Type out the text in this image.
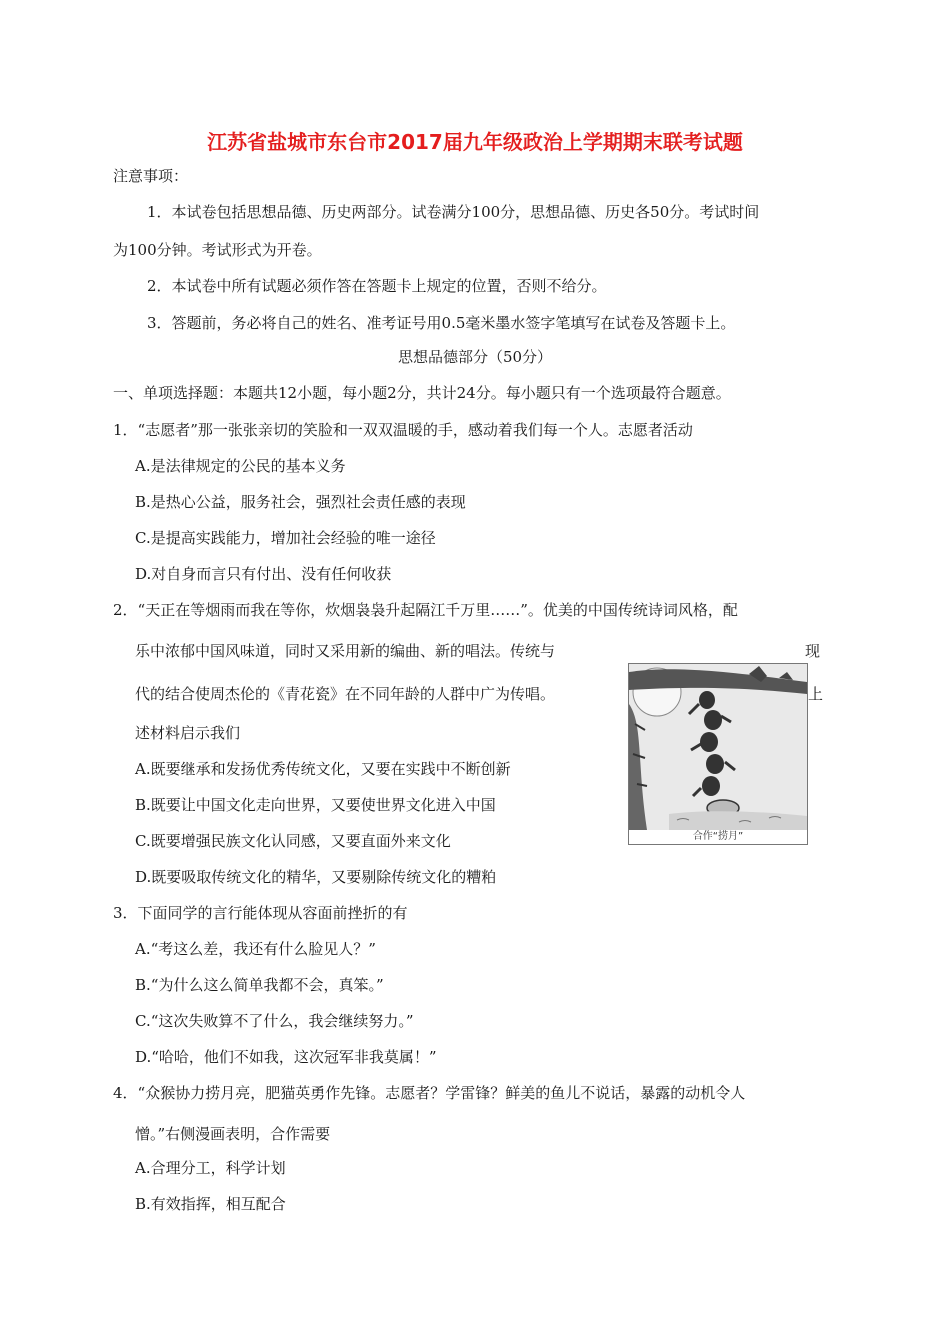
江苏省盐城市东台市2017届九年级政治上学期期末联考试题
注意事项：
1．本试卷包括思想品德、历史两部分。试卷满分100分，思想品德、历史各50分。考试时间
为100分钟。考试形式为开卷。
2．本试卷中所有试题必须作答在答题卡上规定的位置，否则不给分。
3．答题前，务必将自己的姓名、准考证号用0.5毫米墨水签字笔填写在试卷及答题卡上。
思想品德部分（50分）
一、单项选择题：本题共12小题，每小题2分，共计24分。每小题只有一个选项最符合题意。
1．“志愿者”那一张张亲切的笑脸和一双双温暖的手，感动着我们每一个人。志愿者活动
A.是法律规定的公民的基本义务
B.是热心公益，服务社会，强烈社会责任感的表现
C.是提高实践能力，增加社会经验的唯一途径
D.对自身而言只有付出、没有任何收获
2．“天正在等烟雨而我在等你，炊烟袅袅升起隔江千万里……”。优美的中国传统诗词风格，配
乐中浓郁中国风味道，同时又采用新的编曲、新的唱法。传统与	现
代的结合使周杰伦的《青花瓷》在不同年龄的人群中广为传唱。	上
述材料启示我们
A.既要继承和发扬优秀传统文化，又要在实践中不断创新
B.既要让中国文化走向世界，又要使世界文化进入中国
C.既要增强民族文化认同感，又要直面外来文化
D.既要吸取传统文化的精华，又要剔除传统文化的糟粕
合作“捞月”
3．下面同学的言行能体现从容面前挫折的有
A.“考这么差，我还有什么脸见人？”
B.“为什么这么简单我都不会，真笨。”
C.“这次失败算不了什么，我会继续努力。”
D.“哈哈，他们不如我，这次冠军非我莫属！”
4．“众猴协力捞月亮，肥猫英勇作先锋。志愿者？学雷锋？鲜美的鱼儿不说话，暴露的动机令人
憎。”右侧漫画表明，合作需要
A.合理分工，科学计划
B.有效指挥，相互配合
